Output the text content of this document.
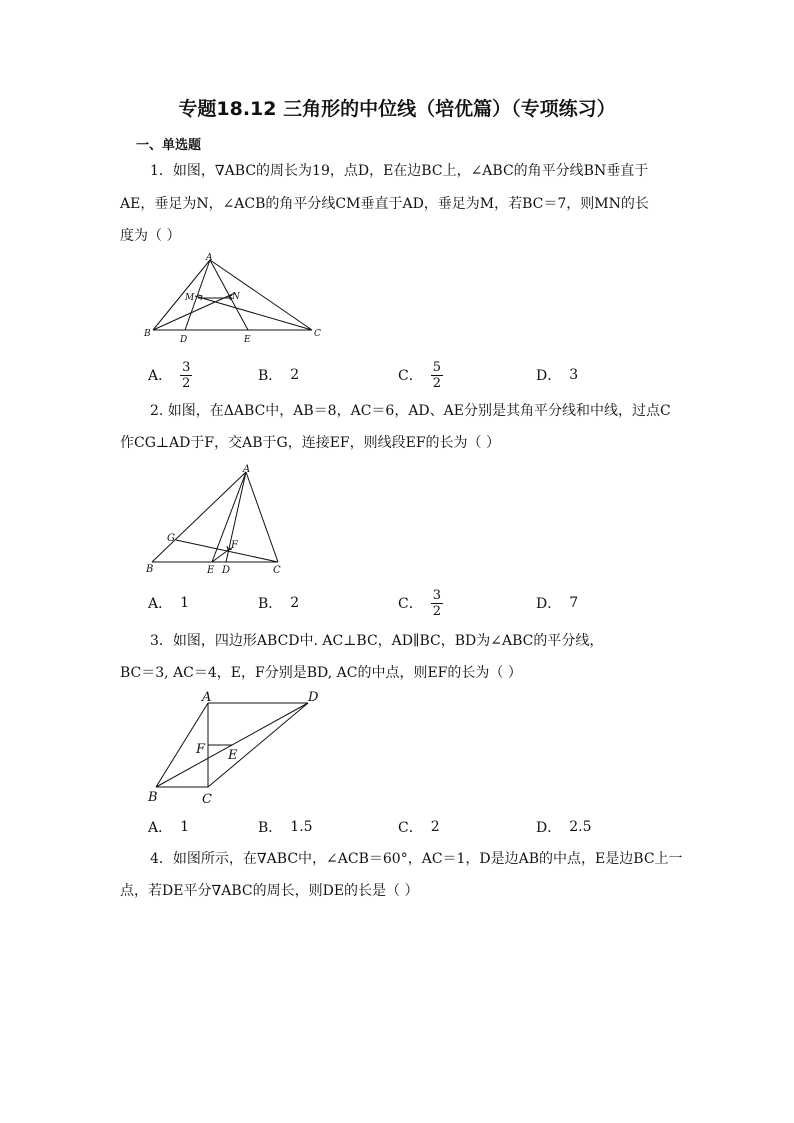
专题18.12 三角形的中位线（培优篇）（专项练习）
一、单选题
1．如图，∇ABC的周长为19，点D，E在边BC上，∠ABC的角平分线BN垂直于
AE，垂足为N，∠ACB的角平分线CM垂直于AD，垂足为M，若BC＝7，则MN的长
度为（ ）
A
B	C
D	E
M	N
A． $\frac{3}{2}$	B． 2	C． $\frac{5}{2}$	D． 3
2. 如图，在ΔABC中，AB＝8，AC＝6，AD、AE分别是其角平分线和中线，过点C
作CG⊥AD于F，交AB于G，连接EF，则线段EF的长为（ ）
A
B	C
D
E
F
G
A． 1	B． 2	C． $\frac{3}{2}$	D． 7
3．如图，四边形ABCD中. AC⊥BC，AD∥BC，BD为∠ABC的平分线，
BC＝3, AC＝4，E，F分别是BD, AC的中点，则EF的长为（ ）
A
B	C
D
E
F
A． 1	B． 1.5	C． 2	D． 2.5
4．如图所示，在∇ABC中，∠ACB＝60°，AC＝1，D是边AB的中点，E是边BC上一
点，若DE平分∇ABC的周长，则DE的长是（ ）
